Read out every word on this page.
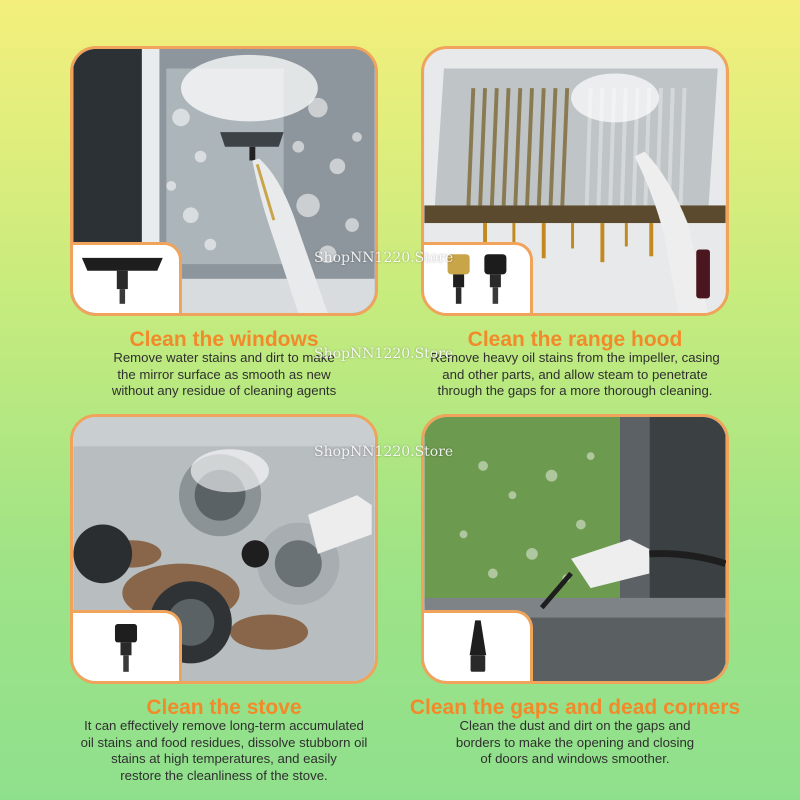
Clean the windows
Remove water stains and dirt to make
the mirror surface as smooth as new
without any residue of cleaning agents
Clean the range hood
Remove heavy oil stains from the impeller, casing
and other parts, and allow steam to penetrate
through the gaps for a more thorough cleaning.
Clean the stove
It can effectively remove long-term accumulated
oil stains and food residues, dissolve stubborn oil
stains at high temperatures, and easily
restore the cleanliness of the stove.
Clean the gaps and dead corners
Clean the dust and dirt on the gaps and
borders to make the opening and closing
of doors and windows smoother.
ShopNN1220.Store
ShopNN1220.Store
ShopNN1220.Store
